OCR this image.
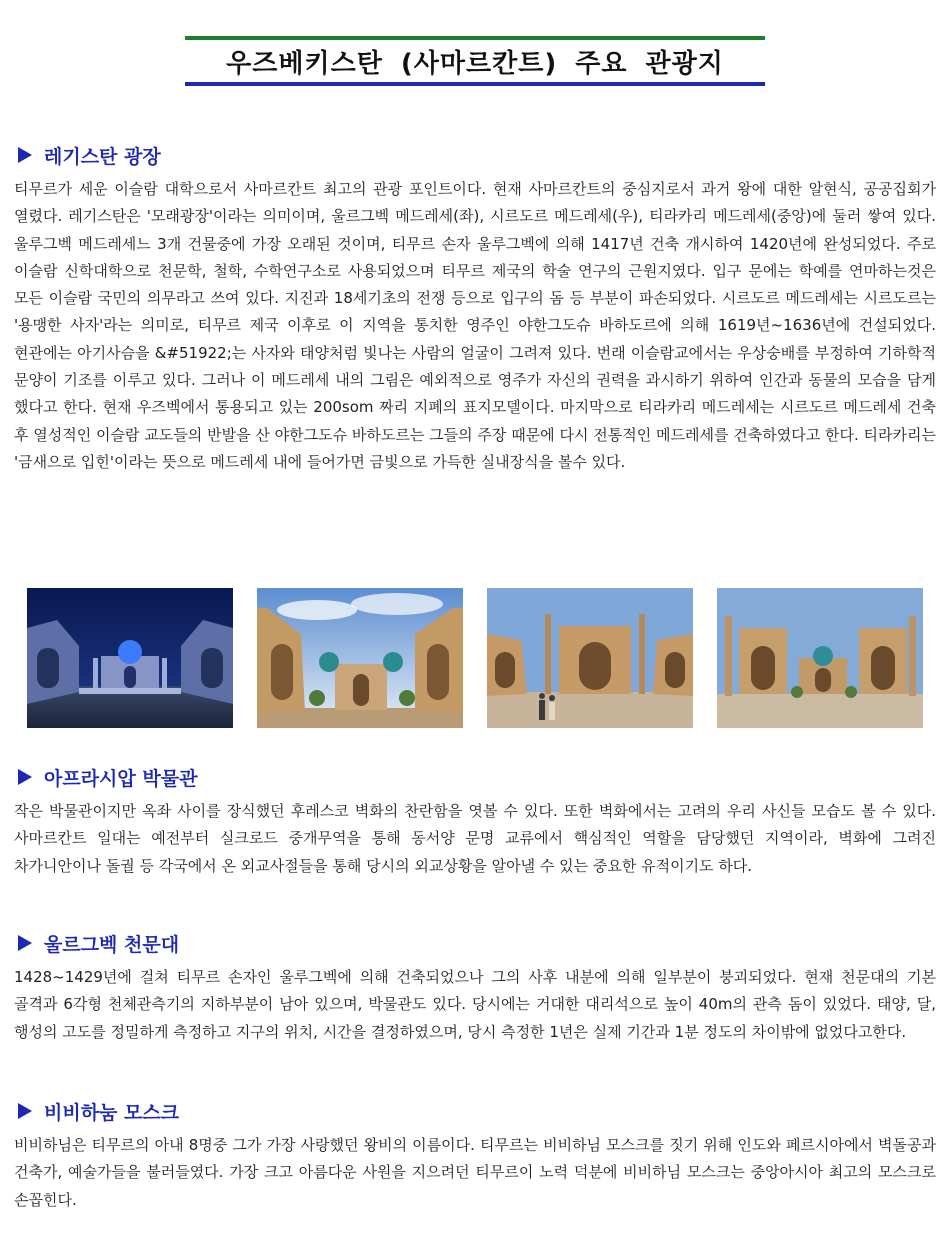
우즈베키스탄 (사마르칸트) 주요 관광지
레기스탄 광장

티무르가 세운 이슬람 대학으로서 사마르칸트 최고의 관광 포인트이다. 현재 사마르칸트의 중심지로서 과거 왕에 대한 알현식, 공공집회가 열렸다. 레기스탄은 '모래광장'이라는 의미이며, 울르그벡 메드레세(좌), 시르도르 메드레세(우), 티라카리 메드레세(중앙)에 둘러 쌓여 있다. 울루그벡 메드레세느 3개 건물중에 가장 오래된 것이며, 티무르 손자 울루그벡에 의해 1417년 건축 개시하여 1420년에 완성되었다. 주로 이슬람 신학대학으로 천문학, 철학, 수학연구소로 사용되었으며 티무르 제국의 학술 연구의 근원지였다. 입구 문에는 학예를 연마하는것은 모든 이슬람 국민의 의무라고 쓰여 있다. 지진과 18세기초의 전쟁 등으로 입구의 돔 등 부분이 파손되었다. 시르도르 메드레세는 시르도르는 '용맹한 사자'라는 의미로, 티무르 제국 이후로 이 지역을 통치한 영주인 야한그도슈 바하도르에 의해 1619년~1636년에 건설되었다. 현관에는 아기사슴을 &#51922;는 사자와 태양처럼 빛나는 사람의 얼굴이 그려져 있다. 번래 이슬람교에서는 우상숭배를 부정하여 기하학적 문양이 기조를 이루고 있다. 그러나 이 메드레세 내의 그림은 예외적으로 영주가 자신의 권력을 과시하기 위하여 인간과 동물의 모습을 담게 했다고 한다. 현재 우즈벡에서 통용되고 있는 200som 짜리 지폐의 표지모델이다. 마지막으로 티라카리 메드레세는 시르도르 메드레세 건축 후 열성적인 이슬람 교도들의 반발을 산 야한그도슈 바하도르는 그들의 주장 때문에 다시 전통적인 메드레세를 건축하였다고 한다. 티라카리는 '금새으로 입힌'이라는 뜻으로 메드레세 내에 들어가면 금빛으로 가득한 실내장식을 볼수 있다.

아프라시압 박물관

작은 박물관이지만 옥좌 사이를 장식했던 후레스코 벽화의 찬란함을 엿볼 수 있다. 또한 벽화에서는 고려의 우리 사신들 모습도 볼 수 있다. 사마르칸트 일대는 예전부터 실크로드 중개무역을 통해 동서양 문명 교류에서 핵심적인 역할을 담당했던 지역이라, 벽화에 그려진 차가니안이나 돌궐 등 각국에서 온 외교사절들을 통해 당시의 외교상황을 알아낼 수 있는 중요한 유적이기도 하다.

울르그벡 천문대

1428~1429년에 걸쳐 티무르 손자인 울루그벡에 의해 건축되었으나 그의 사후 내분에 의해 일부분이 붕괴되었다. 현재 천문대의 기본 골격과 6각형 천체관측기의 지하부분이 남아 있으며, 박물관도 있다. 당시에는 거대한 대리석으로 높이 40m의 관측 돔이 있었다. 태양, 달, 행성의 고도를 정밀하게 측정하고 지구의 위치, 시간을 결정하였으며, 당시 측정한 1년은 실제 기간과 1분 정도의 차이밖에 없었다고한다.

비비하눔 모스크

비비하님은 티무르의 아내 8명중 그가 가장 사랑했던 왕비의 이름이다. 티무르는 비비하님 모스크를 짓기 위해 인도와 페르시아에서 벽돌공과 건축가, 예술가들을 불러들였다. 가장 크고 아름다운 사원을 지으려던 티무르이 노력 덕분에 비비하님 모스크는 중앙아시아 최고의 모스크로 손꼽힌다.
